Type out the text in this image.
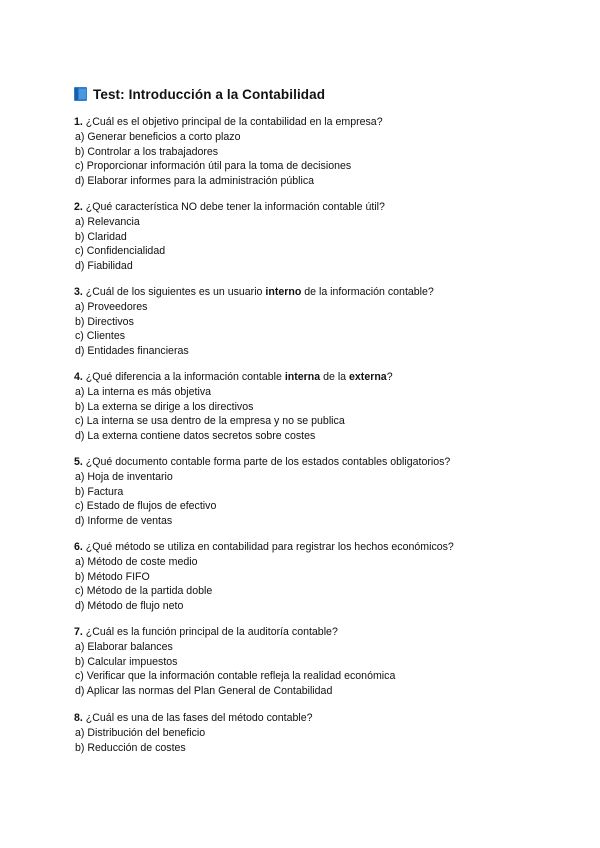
Test: Introducción a la Contabilidad
1. ¿Cuál es el objetivo principal de la contabilidad en la empresa?
a) Generar beneficios a corto plazo
b) Controlar a los trabajadores
c) Proporcionar información útil para la toma de decisiones
d) Elaborar informes para la administración pública
2. ¿Qué característica NO debe tener la información contable útil?
a) Relevancia
b) Claridad
c) Confidencialidad
d) Fiabilidad
3. ¿Cuál de los siguientes es un usuario interno de la información contable?
a) Proveedores
b) Directivos
c) Clientes
d) Entidades financieras
4. ¿Qué diferencia a la información contable interna de la externa?
a) La interna es más objetiva
b) La externa se dirige a los directivos
c) La interna se usa dentro de la empresa y no se publica
d) La externa contiene datos secretos sobre costes
5. ¿Qué documento contable forma parte de los estados contables obligatorios?
a) Hoja de inventario
b) Factura
c) Estado de flujos de efectivo
d) Informe de ventas
6. ¿Qué método se utiliza en contabilidad para registrar los hechos económicos?
a) Método de coste medio
b) Método FIFO
c) Método de la partida doble
d) Método de flujo neto
7. ¿Cuál es la función principal de la auditoría contable?
a) Elaborar balances
b) Calcular impuestos
c) Verificar que la información contable refleja la realidad económica
d) Aplicar las normas del Plan General de Contabilidad
8. ¿Cuál es una de las fases del método contable?
a) Distribución del beneficio
b) Reducción de costes
